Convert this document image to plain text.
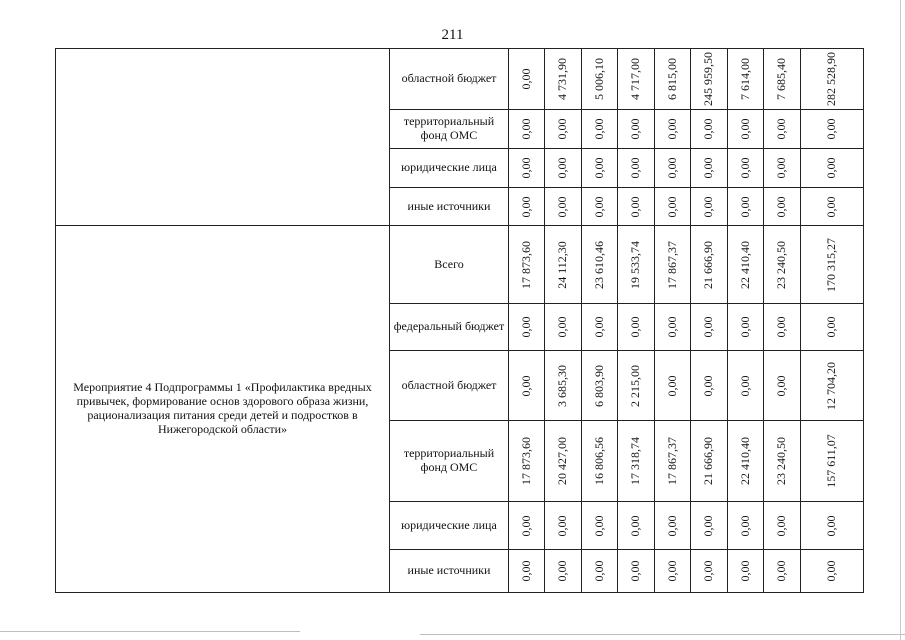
211
	областной бюджет	0,00	4 731,90	5 006,10	4 717,00	6 815,00	245 959,50	7 614,00	7 685,40	282 528,90

	территориальный фонд ОМС	0,00	0,00	0,00	0,00	0,00	0,00	0,00	0,00	0,00

	юридические лица	0,00	0,00	0,00	0,00	0,00	0,00	0,00	0,00	0,00

	иные источники	0,00	0,00	0,00	0,00	0,00	0,00	0,00	0,00	0,00

Мероприятие 4 Подпрограммы 1 «Профилактика вредных привычек, формирование основ здорового образа жизни, рационализация питания среди детей и подростков в Нижегородской области»	Всего	17 873,60	24 112,30	23 610,46	19 533,74	17 867,37	21 666,90	22 410,40	23 240,50	170 315,27

	федеральный бюджет	0,00	0,00	0,00	0,00	0,00	0,00	0,00	0,00	0,00

	областной бюджет	0,00	3 685,30	6 803,90	2 215,00	0,00	0,00	0,00	0,00	12 704,20

	территориальный фонд ОМС	17 873,60	20 427,00	16 806,56	17 318,74	17 867,37	21 666,90	22 410,40	23 240,50	157 611,07

	юридические лица	0,00	0,00	0,00	0,00	0,00	0,00	0,00	0,00	0,00

	иные источники	0,00	0,00	0,00	0,00	0,00	0,00	0,00	0,00	0,00
